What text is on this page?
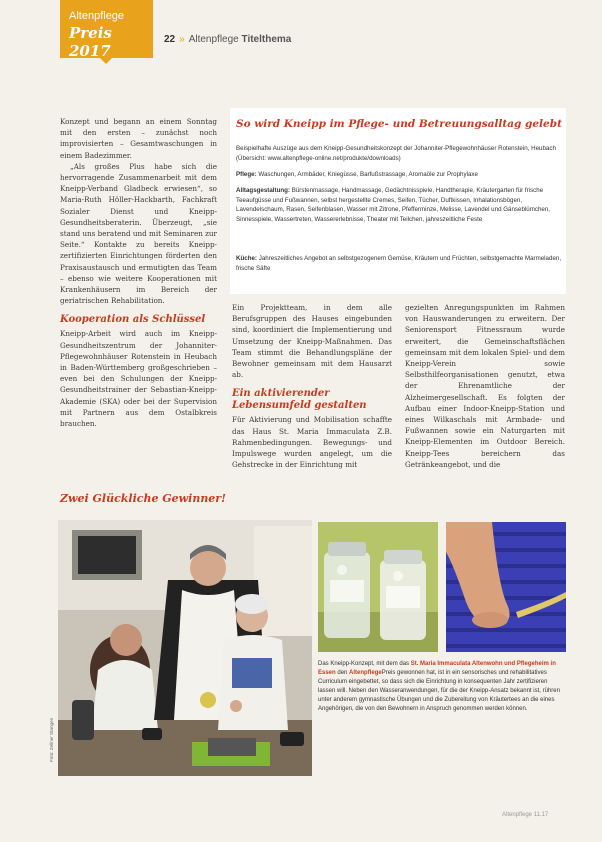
Altenpflege
Preis 2017
22 » Altenpflege Titelthema

Konzept und begann an einem Sonntag mit den ersten – zunächst noch improvisierten – Gesamtwaschungen in einem Badezimmer.

„Als großes Plus habe sich die hervorragende Zusammenarbeit mit dem Kneipp-Verband Gladbeck erwiesen“, so Maria-Ruth Höller-Hackbarth, Fachkraft Sozialer Dienst und Kneipp-Gesundheitsberaterin. Überzeugt, „sie stand uns beratend und mit Seminaren zur Seite.“ Kontakte zu bereits Kneipp-zertifizierten Einrichtungen förderten den Praxisaustausch und ermutigten das Team – ebenso wie weitere Kooperationen mit Krankenhäusern im Bereich der geriatrischen Rehabilitation.

Kooperation als Schlüssel

Kneipp-Arbeit wird auch im Kneipp-Gesundheitszentrum der Johanniter-Pflegewohnhäuser Rotenstein in Heubach in Baden-Württemberg großgeschrieben – even bei den Schulungen der Kneipp-Gesundheitstrainer der Sebastian-Kneipp-Akademie (SKA) oder bei der Supervision mit Partnern aus dem Ostalbkreis brauchen.

So wird Kneipp im Pflege- und Betreuungsalltag gelebt
Beispielhafte Auszüge aus dem Kneipp-Gesundheitskonzept der Johanniter-Pflegewohnhäuser Rotenstein, Heubach (Übersicht: www.altenpflege-online.net/produkte/downloads)
Pflege: Waschungen, Armbäder, Kniegüsse, Barfußstrassage, Aromaöle zur Prophylaxe
Alltagsgestaltung: Bürstenmassage, Handmassage, Gedächtnisspiele, Handtherapie, Kräutergarten für frische Teeaufgüsse und Fußwannen, selbst hergestellte Cremes, Seifen, Tücher, Duftkissen, Inhalationsbögen, Lavendelschaum, Rasen, Seifenblasen, Wasser mit Zitrone, Pfefferminze, Melisse, Lavendel und Gänseblümchen, Sinnesspiele, Wassertreten, Wassererlebnisse, Theater mit Teilchen, jahreszeitliche Feste
Küche: Jahreszeitliches Angebot an selbstgezogenem Gemüse, Kräutern und Früchten, selbstgemachte Marmeladen, frische Säfte

Ein Projektteam, in dem alle Berufsgruppen des Hauses eingebunden sind, koordiniert die Implementierung und Umsetzung der Kneipp-Maßnahmen. Das Team stimmt die Behandlungspläne der Bewohner gemeinsam mit dem Hausarzt ab.

Ein aktivierender Lebensumfeld gestalten

Für Aktivierung und Mobilisation schaffte das Haus St. Maria Immaculata Z.B. Rahmenbedingungen. Bewegungs- und Impulswege wurden angelegt, um die Gehstrecke in der Einrichtung mit

gezielten Anregungspunkten im Rahmen von Hauswanderungen zu erweitern. Der Seniorensport Fitnessraum wurde erweitert, die Gemeinschaftsflächen gemeinsam mit dem lokalen Spiel- und dem Kneipp-Verein sowie Selbsthilfeorganisationen genutzt, etwa der Ehrenamtliche der Alzheimergesellschaft. Es folgten der Aufbau einer Indoor-Kneipp-Station und eines Wilkaschals mit Armbade- und Fußwannen sowie ein Naturgarten mit Kneipp-Elementen im Outdoor Bereich. Kneipp-Tees bereichern das Getränkeangebot, und die

Zwei Glückliche Gewinner!
Foto: Zellner Stangen
Das Kneipp-Konzept, mit dem das St. Maria Immaculata Altenwohn und Pflegeheim in Essen den AltenpflegePreis gewonnen hat, ist in ein sensorisches und rehabilitatives Curriculum eingebettet, so dass sich die Einrichtung in konsequenten Jahr zertifizieren lassen will. Neben den Wasseranwendungen, für die der Kneipp-Ansatz bekannt ist, rühren unter anderem gymnastische Übungen und die Zubereitung von Kräutertees an die eines Angehörigen, die von den Bewohnern in Anspruch genommen werden können.
Altenpflege 11.17
